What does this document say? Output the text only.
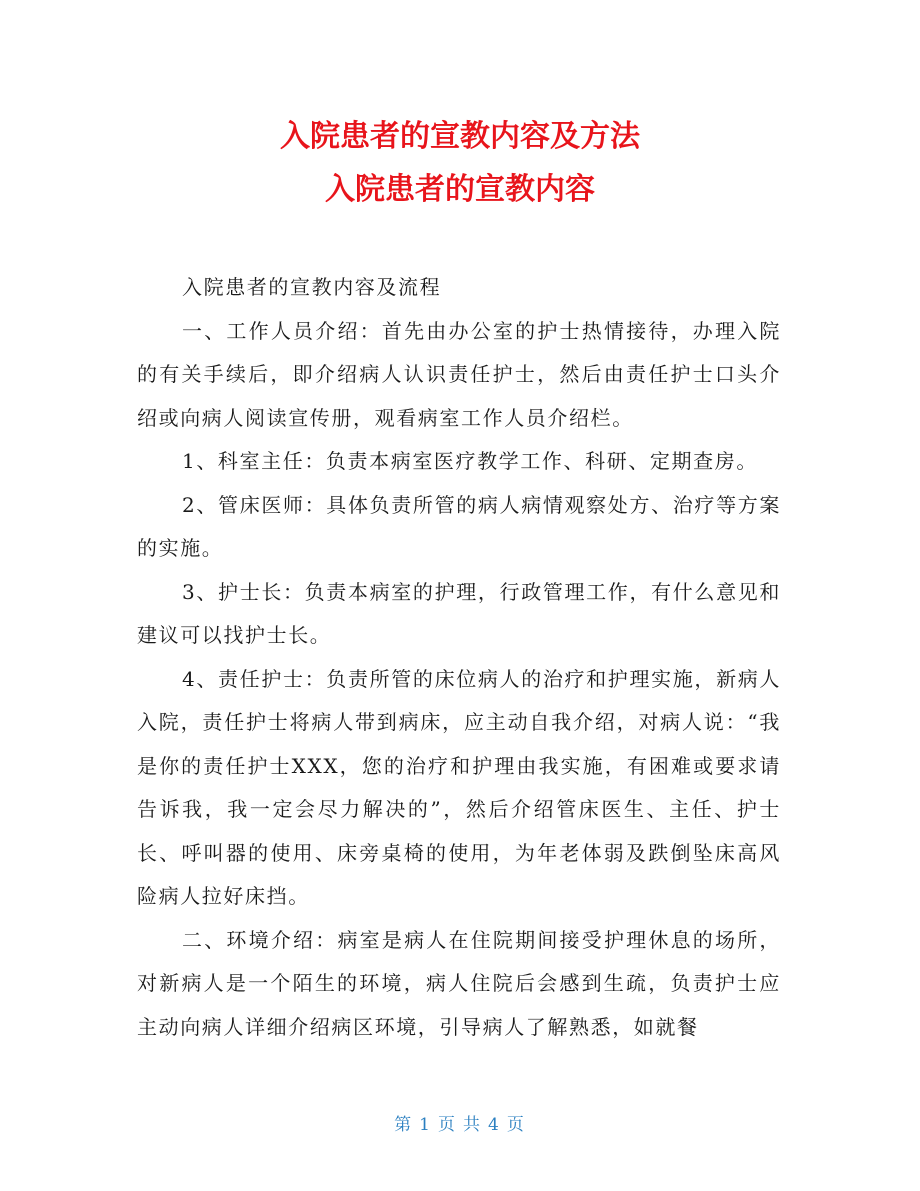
入院患者的宣教内容及方法
入院患者的宣教内容

入院患者的宣教内容及流程

一、工作人员介绍：首先由办公室的护士热情接待，办理入院的有关手续后，即介绍病人认识责任护士，然后由责任护士口头介绍或向病人阅读宣传册，观看病室工作人员介绍栏。

1、科室主任：负责本病室医疗教学工作、科研、定期查房。

2、管床医师：具体负责所管的病人病情观察处方、治疗等方案的实施。

3、护士长：负责本病室的护理，行政管理工作，有什么意见和建议可以找护士长。

4、责任护士：负责所管的床位病人的治疗和护理实施，新病人入院，责任护士将病人带到病床，应主动自我介绍，对病人说：“我是你的责任护士XXX，您的治疗和护理由我实施，有困难或要求请告诉我，我一定会尽力解决的”，然后介绍管床医生、主任、护士长、呼叫器的使用、床旁桌椅的使用，为年老体弱及跌倒坠床高风险病人拉好床挡。

二、环境介绍：病室是病人在住院期间接受护理休息的场所，对新病人是一个陌生的环境，病人住院后会感到生疏，负责护士应主动向病人详细介绍病区环境，引导病人了解熟悉，如就餐

第 1 页 共 4 页
